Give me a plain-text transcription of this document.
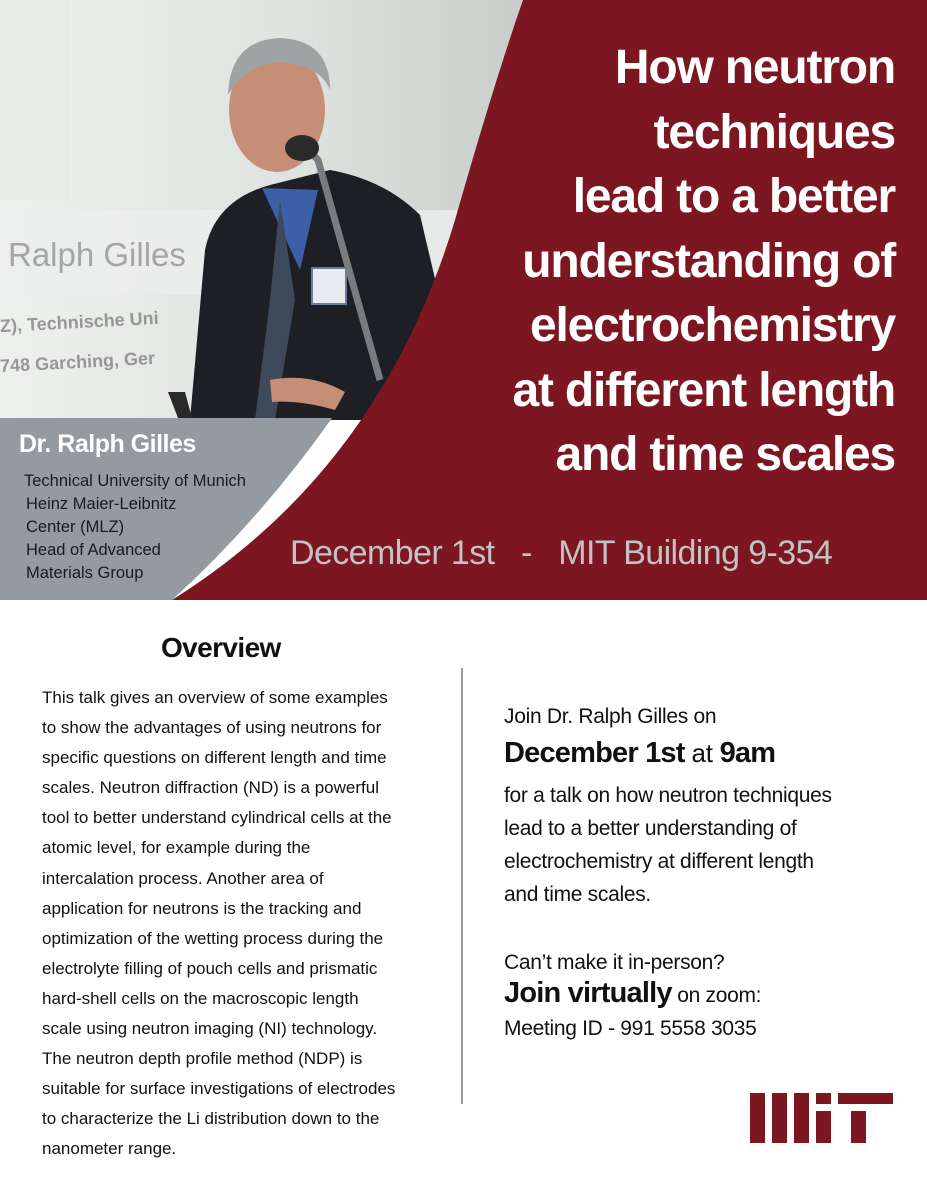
Ralph Gilles
Z), Technische Uni
748 Garching, Ger
How neutron
techniques
lead to a better
understanding of
electrochemistry
at different length
and time scales
December 1st   -   MIT Building 9-354
Dr. Ralph Gilles
Technical University of Munich
Heinz Maier-Leibnitz
Center (MLZ)
Head of Advanced
Materials Group
Overview
This talk gives an overview of some examples
to show the advantages of using neutrons for
specific questions on different length and time
scales. Neutron diffraction (ND) is a powerful
tool to better understand cylindrical cells at the
atomic level, for example during the
intercalation process. Another area of
application for neutrons is the tracking and
optimization of the wetting process during the
electrolyte filling of pouch cells and prismatic
hard-shell cells on the macroscopic length
scale using neutron imaging (NI) technology.
The neutron depth profile method (NDP) is
suitable for surface investigations of electrodes
to characterize the Li distribution down to the
nanometer range.
Join Dr. Ralph Gilles on
December 1st at 9am
for a talk on how neutron techniques
lead to a better understanding of
electrochemistry at different length
and time scales.
Can’t make it in-person?
Join virtually on zoom:
Meeting ID - 991 5558 3035
